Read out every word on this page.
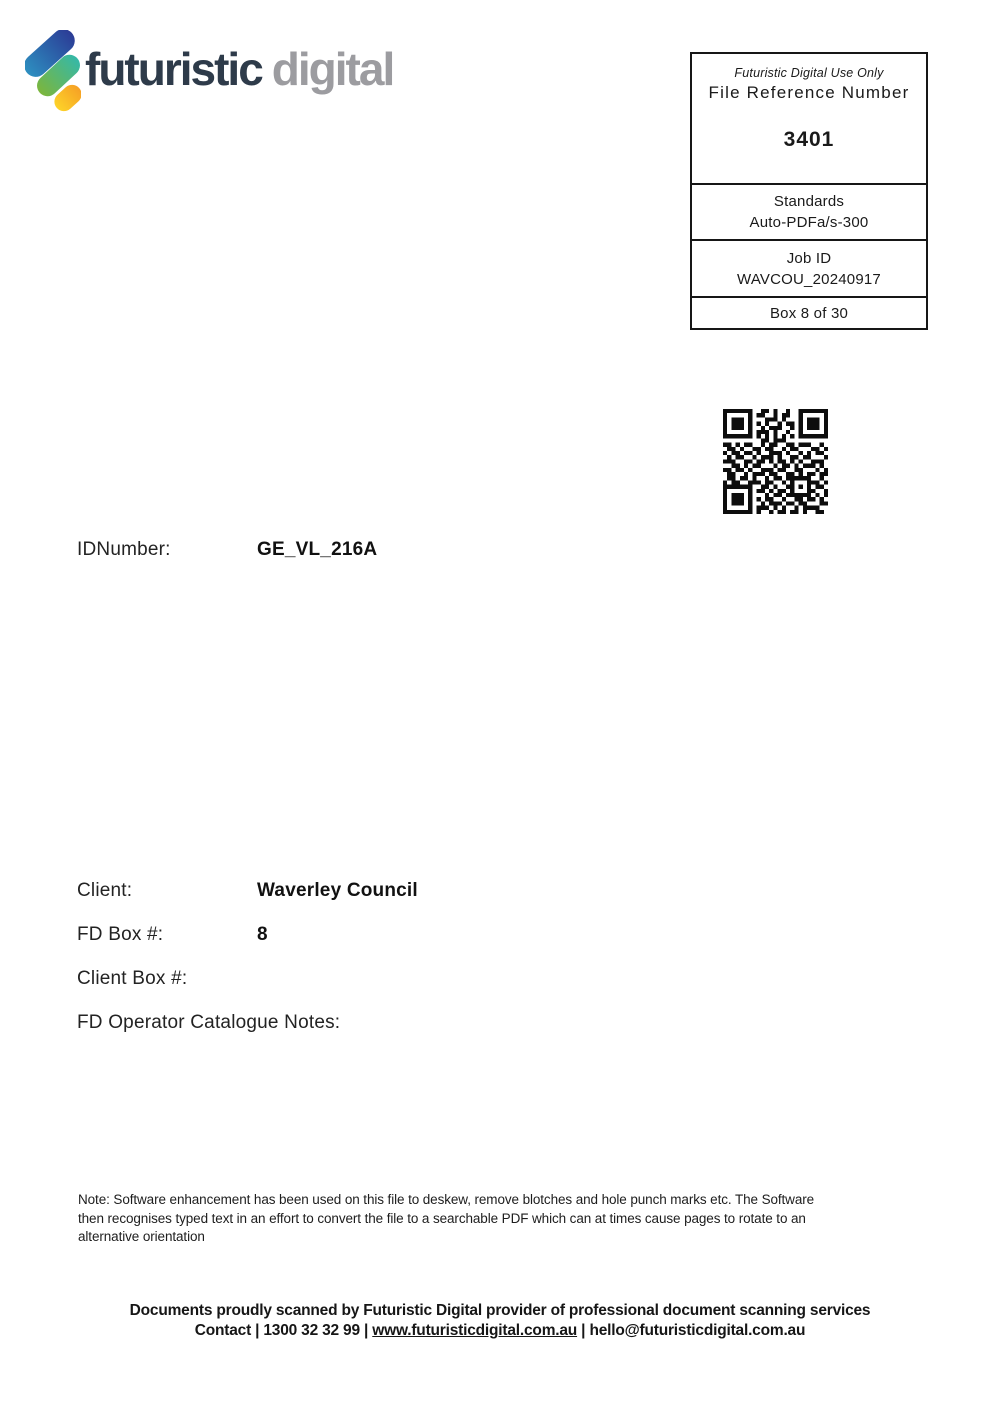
futuristic digital	Futuristic Digital Use Only
File Reference Number
3401
Standards
Auto-PDFa/s-300
Job ID
WAVCOU_20240917
Box 8 of 30
IDNumber:	GE_VL_216A
Client:	Waverley Council
FD Box #:	8
Client Box #:
FD Operator Catalogue Notes:

Note: Software enhancement has been used on this file to deskew, remove blotches and hole punch marks etc. The Software
then recognises typed text in an effort to convert the file to a searchable PDF which can at times cause pages to rotate to an
alternative orientation

Documents proudly scanned by Futuristic Digital provider of professional document scanning services
Contact | 1300 32 32 99 | www.futuristicdigital.com.au | hello@futuristicdigital.com.au
